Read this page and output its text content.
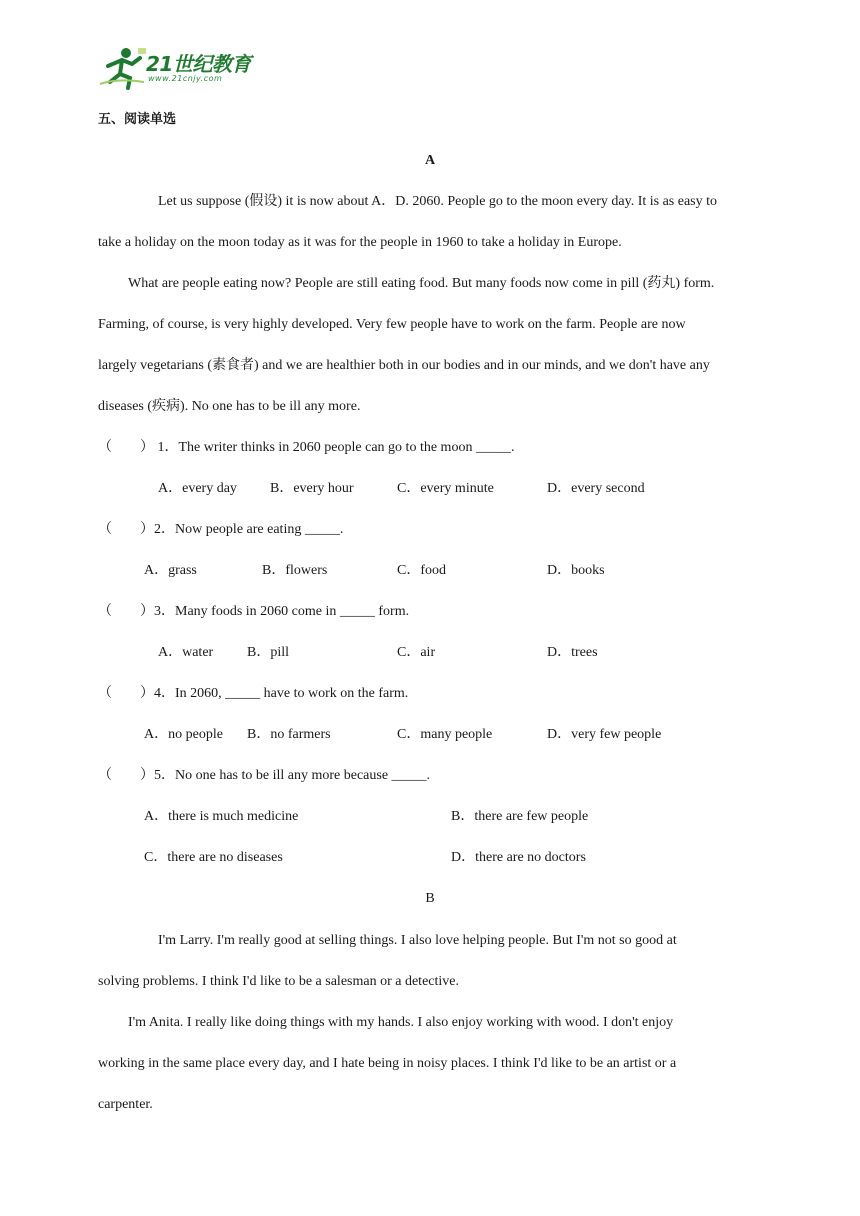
21世纪教育
www.21cnjy.com
五、阅读单选
A
Let us suppose (假设) it is now about A．D. 2060. People go to the moon every day. It is as easy to
take a holiday on the moon today as it was for the people in 1960 to take a holiday in Europe.
What are people eating now? People are still eating food. But many foods now come in pill (药丸) form.
Farming, of course, is very highly developed. Very few people have to work on the farm. People are now
largely vegetarians (素食者) and we are healthier both in our bodies and in our minds, and we don't have any
diseases (疾病). No one has to be ill any more.
（　　） 1．The writer thinks in 2060 people can go to the moon _____.
A．every day B．every hour	C．every minute	D．every second
（　　）2．Now people are eating _____.
A．grass	B．flowers	C．food	D．books
（　　）3．Many foods in 2060 come in _____ form.
A．water B．pill	C．air	D．trees
（　　）4．In 2060, _____ have to work on the farm.
A．no people B．no farmers	C．many people	D．very few people
（　　）5．No one has to be ill any more because _____.
A．there is much medicine	B．there are few people
C．there are no diseases	D．there are no doctors
B
I'm Larry. I'm really good at selling things. I also love helping people. But I'm not so good at
solving problems. I think I'd like to be a salesman or a detective.
I'm Anita. I really like doing things with my hands. I also enjoy working with wood. I don't enjoy
working in the same place every day, and I hate being in noisy places. I think I'd like to be an artist or a
carpenter.
